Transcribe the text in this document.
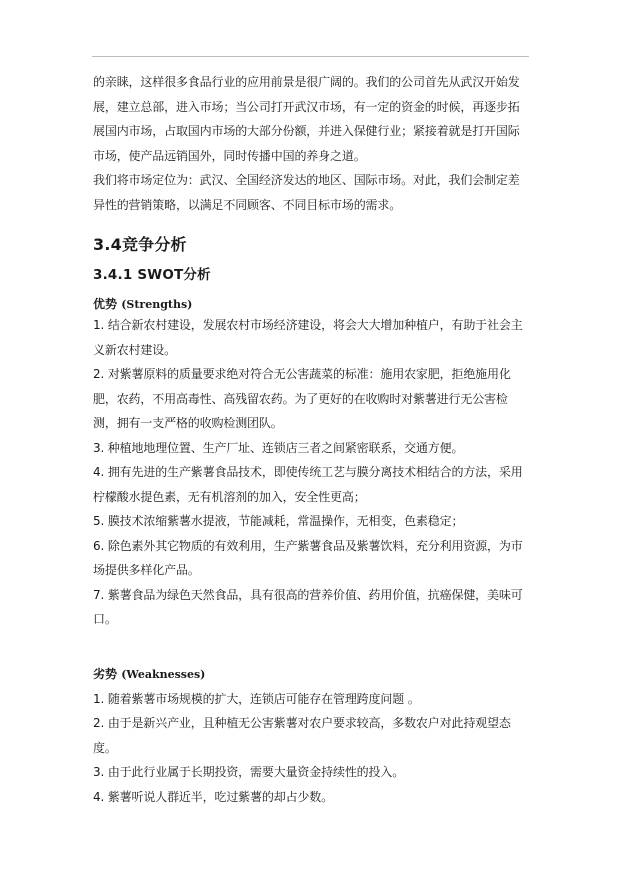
的亲睐，这样很多食品行业的应用前景是很广阔的。我们的公司首先从武汉开始发展，建立总部，进入市场；当公司打开武汉市场，有一定的资金的时候，再逐步拓展国内市场，占取国内市场的大部分份额，并进入保健行业；紧接着就是打开国际市场，使产品远销国外，同时传播中国的养身之道。

我们将市场定位为：武汉、全国经济发达的地区、国际市场。对此，我们会制定差异性的营销策略，以满足不同顾客、不同目标市场的需求。

3.4竞争分析
3.4.1 SWOT分析
优势 (Strengths)

1. 结合新农村建设，发展农村市场经济建设，将会大大增加种植户，有助于社会主义新农村建设。

2. 对紫薯原料的质量要求绝对符合无公害蔬菜的标准：施用农家肥，拒绝施用化肥，农药，不用高毒性、高残留农药。为了更好的在收购时对紫薯进行无公害检测，拥有一支严格的收购检测团队。

3. 种植地地理位置、生产厂址、连锁店三者之间紧密联系，交通方便。

4. 拥有先进的生产紫薯食品技术，即使传统工艺与膜分离技术相结合的方法，采用柠檬酸水提色素，无有机溶剂的加入，安全性更高；

5. 膜技术浓缩紫薯水提液，节能减耗，常温操作，无相变，色素稳定；

6. 除色素外其它物质的有效利用，生产紫薯食品及紫薯饮料，充分利用资源，为市场提供多样化产品。

7. 紫薯食品为绿色天然食品，具有很高的营养价值、药用价值，抗癌保健，美味可口。

劣势 (Weaknesses)

1. 随着紫薯市场规模的扩大，连锁店可能存在管理跨度问题 。

2. 由于是新兴产业，且种植无公害紫薯对农户要求较高，多数农户对此持观望态度。

3. 由于此行业属于长期投资，需要大量资金持续性的投入。

4. 紫薯听说人群近半，吃过紫薯的却占少数。
